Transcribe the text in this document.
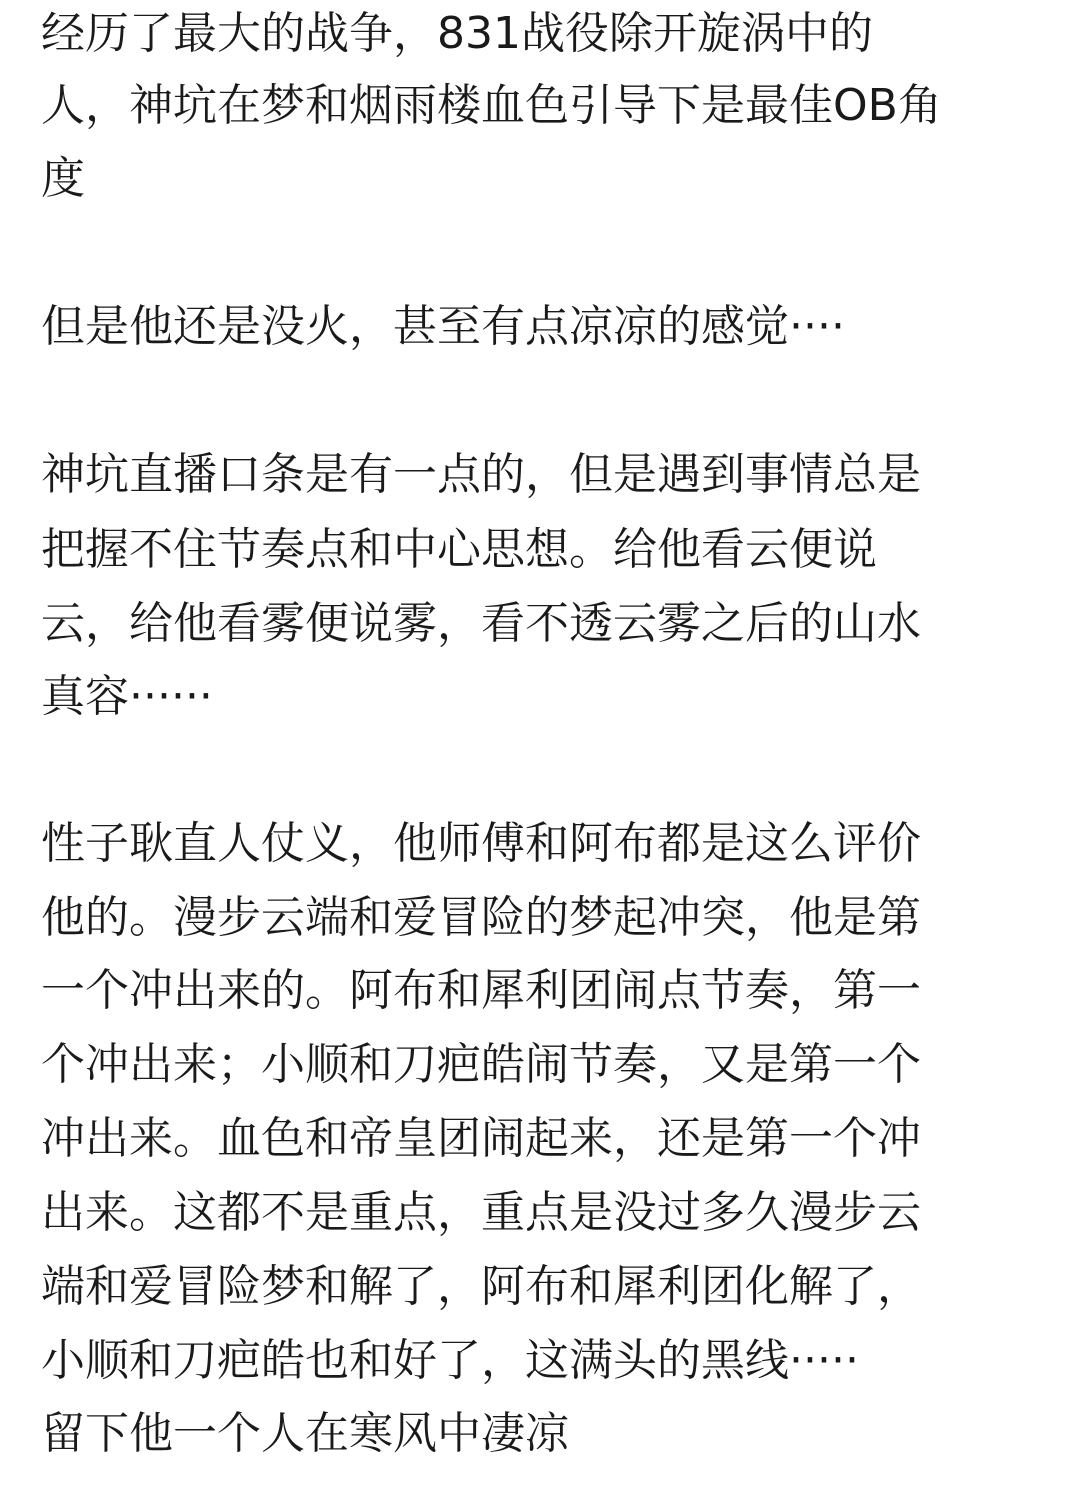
经历了最大的战争，831战役除开旋涡中的
人，神坑在梦和烟雨楼血色引导下是最佳OB角
度
但是他还是没火，甚至有点凉凉的感觉····
神坑直播口条是有一点的，但是遇到事情总是
把握不住节奏点和中心思想。给他看云便说
云，给他看雾便说雾，看不透云雾之后的山水
真容······
性子耿直人仗义，他师傅和阿布都是这么评价
他的。漫步云端和爱冒险的梦起冲突，他是第
一个冲出来的。阿布和犀利团闹点节奏，第一
个冲出来；小顺和刀疤皓闹节奏，又是第一个
冲出来。血色和帝皇团闹起来，还是第一个冲
出来。这都不是重点，重点是没过多久漫步云
端和爱冒险梦和解了，阿布和犀利团化解了，
小顺和刀疤皓也和好了，这满头的黑线·····
留下他一个人在寒风中凄凉
